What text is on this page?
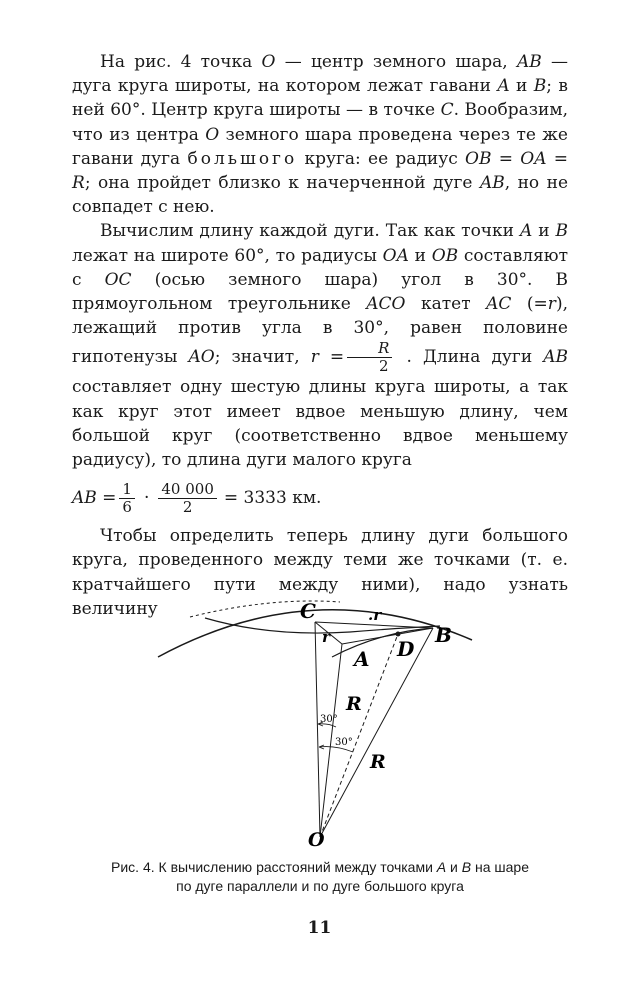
На рис. 4 точка O — центр земного шара, AB — дуга круга широты, на котором лежат гавани A и B; в ней 60°. Центр круга широты — в точке C. Вообразим, что из центра O земного шара проведена через те же гавани дуга большого круга: ее радиус OB = OA = R; она пройдет близко к начерченной дуге AB, но не совпадет с нею.

Вычислим длину каждой дуги. Так как точки A и B лежат на широте 60°, то радиусы OA и OB составляют с OC (осью земного шара) угол в 30°. В прямоугольном треугольнике ACO катет AC (=r), лежащий против угла в 30°, равен половине гипотенузы AO; значит, $r = \frac{R}{2}$ . Длина дуги AB составляет одну шестую длины круга широты, а так как круг этот имеет вдвое меньшую длину, чем большой круг (соответственно вдвое меньшему радиусу), то длина дуги малого круга

AB = $\frac{1}{6} \cdot \frac{40 000}{2} = 3333$ км.

Чтобы определить теперь длину дуги большого круга, проведенного между теми же точками (т. е. кратчайшего пути между ними), надо узнать величину	C	.r
r
A D
B
R
R
O
30°
30°
Рис. 4. К вычислению расстояний между точками A и B на шаре
по дуге параллели и по дуге большого круга
11
